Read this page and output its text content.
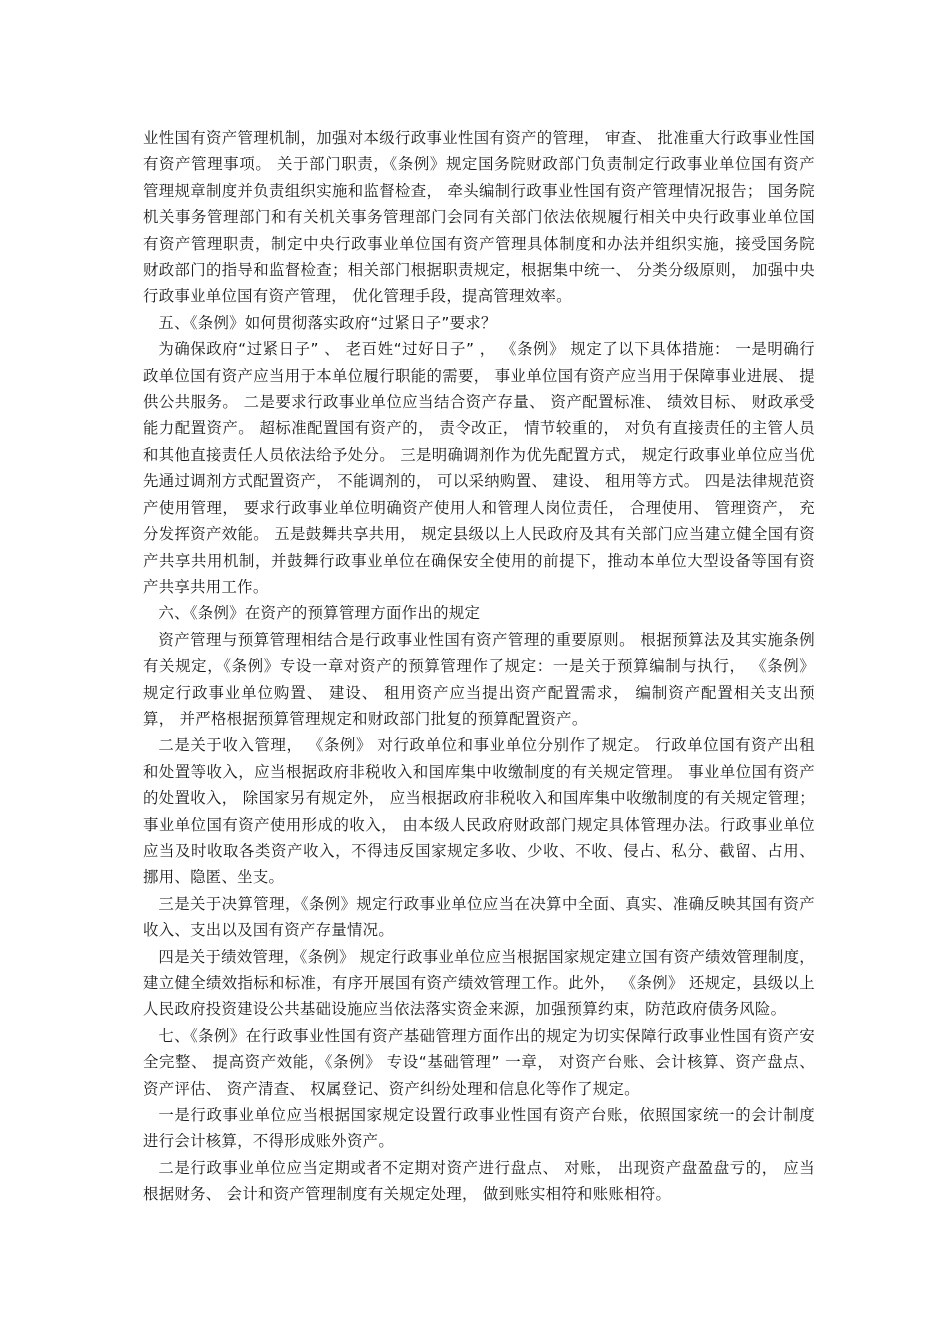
业性国有资产管理机制，加强对本级行政事业性国有资产的管理， 审查、 批准重大行政事业性国有资产管理事项。 关于部门职责，《条例》规定国务院财政部门负责制定行政事业单位国有资产管理规章制度并负责组织实施和监督检查， 牵头编制行政事业性国有资产管理情况报告； 国务院机关事务管理部门和有关机关事务管理部门会同有关部门依法依规履行相关中央行政事业单位国有资产管理职责，制定中央行政事业单位国有资产管理具体制度和办法并组织实施，接受国务院财政部门的指导和监督检查；相关部门根据职责规定，根据集中统一、 分类分级原则， 加强中央行政事业单位国有资产管理， 优化管理手段，提高管理效率。

五、《条例》如何贯彻落实政府“过紧日子”要求？

为确保政府“过紧日子” 、 老百姓“过好日子” ， 《条例》 规定了以下具体措施： 一是明确行政单位国有资产应当用于本单位履行职能的需要， 事业单位国有资产应当用于保障事业进展、 提供公共服务。 二是要求行政事业单位应当结合资产存量、 资产配置标准、 绩效目标、 财政承受能力配置资产。 超标准配置国有资产的， 责令改正， 情节较重的， 对负有直接责任的主管人员和其他直接责任人员依法给予处分。 三是明确调剂作为优先配置方式， 规定行政事业单位应当优先通过调剂方式配置资产， 不能调剂的， 可以采纳购置、 建设、 租用等方式。 四是法律规范资产使用管理， 要求行政事业单位明确资产使用人和管理人岗位责任， 合理使用、 管理资产， 充分发挥资产效能。 五是鼓舞共享共用， 规定县级以上人民政府及其有关部门应当建立健全国有资产共享共用机制，并鼓舞行政事业单位在确保安全使用的前提下，推动本单位大型设备等国有资产共享共用工作。

六、《条例》在资产的预算管理方面作出的规定

资产管理与预算管理相结合是行政事业性国有资产管理的重要原则。 根据预算法及其实施条例有关规定，《条例》专设一章对资产的预算管理作了规定：一是关于预算编制与执行， 《条例》 规定行政事业单位购置、 建设、 租用资产应当提出资产配置需求， 编制资产配置相关支出预算， 并严格根据预算管理规定和财政部门批复的预算配置资产。

二是关于收入管理， 《条例》 对行政单位和事业单位分别作了规定。 行政单位国有资产出租和处置等收入，应当根据政府非税收入和国库集中收缴制度的有关规定管理。 事业单位国有资产的处置收入， 除国家另有规定外， 应当根据政府非税收入和国库集中收缴制度的有关规定管理；事业单位国有资产使用形成的收入， 由本级人民政府财政部门规定具体管理办法。行政事业单位应当及时收取各类资产收入，不得违反国家规定多收、少收、不收、侵占、私分、截留、占用、挪用、隐匿、坐支。

三是关于决算管理，《条例》规定行政事业单位应当在决算中全面、真实、准确反映其国有资产收入、支出以及国有资产存量情况。

四是关于绩效管理，《条例》 规定行政事业单位应当根据国家规定建立国有资产绩效管理制度，建立健全绩效指标和标准，有序开展国有资产绩效管理工作。此外， 《条例》 还规定，县级以上人民政府投资建设公共基础设施应当依法落实资金来源，加强预算约束，防范政府债务风险。

七、《条例》在行政事业性国有资产基础管理方面作出的规定为切实保障行政事业性国有资产安全完整、 提高资产效能，《条例》 专设“基础管理” 一章， 对资产台账、会计核算、资产盘点、 资产评估、 资产清查、 权属登记、资产纠纷处理和信息化等作了规定。

一是行政事业单位应当根据国家规定设置行政事业性国有资产台账，依照国家统一的会计制度进行会计核算，不得形成账外资产。

二是行政事业单位应当定期或者不定期对资产进行盘点、 对账， 出现资产盘盈盘亏的， 应当根据财务、 会计和资产管理制度有关规定处理， 做到账实相符和账账相符。
